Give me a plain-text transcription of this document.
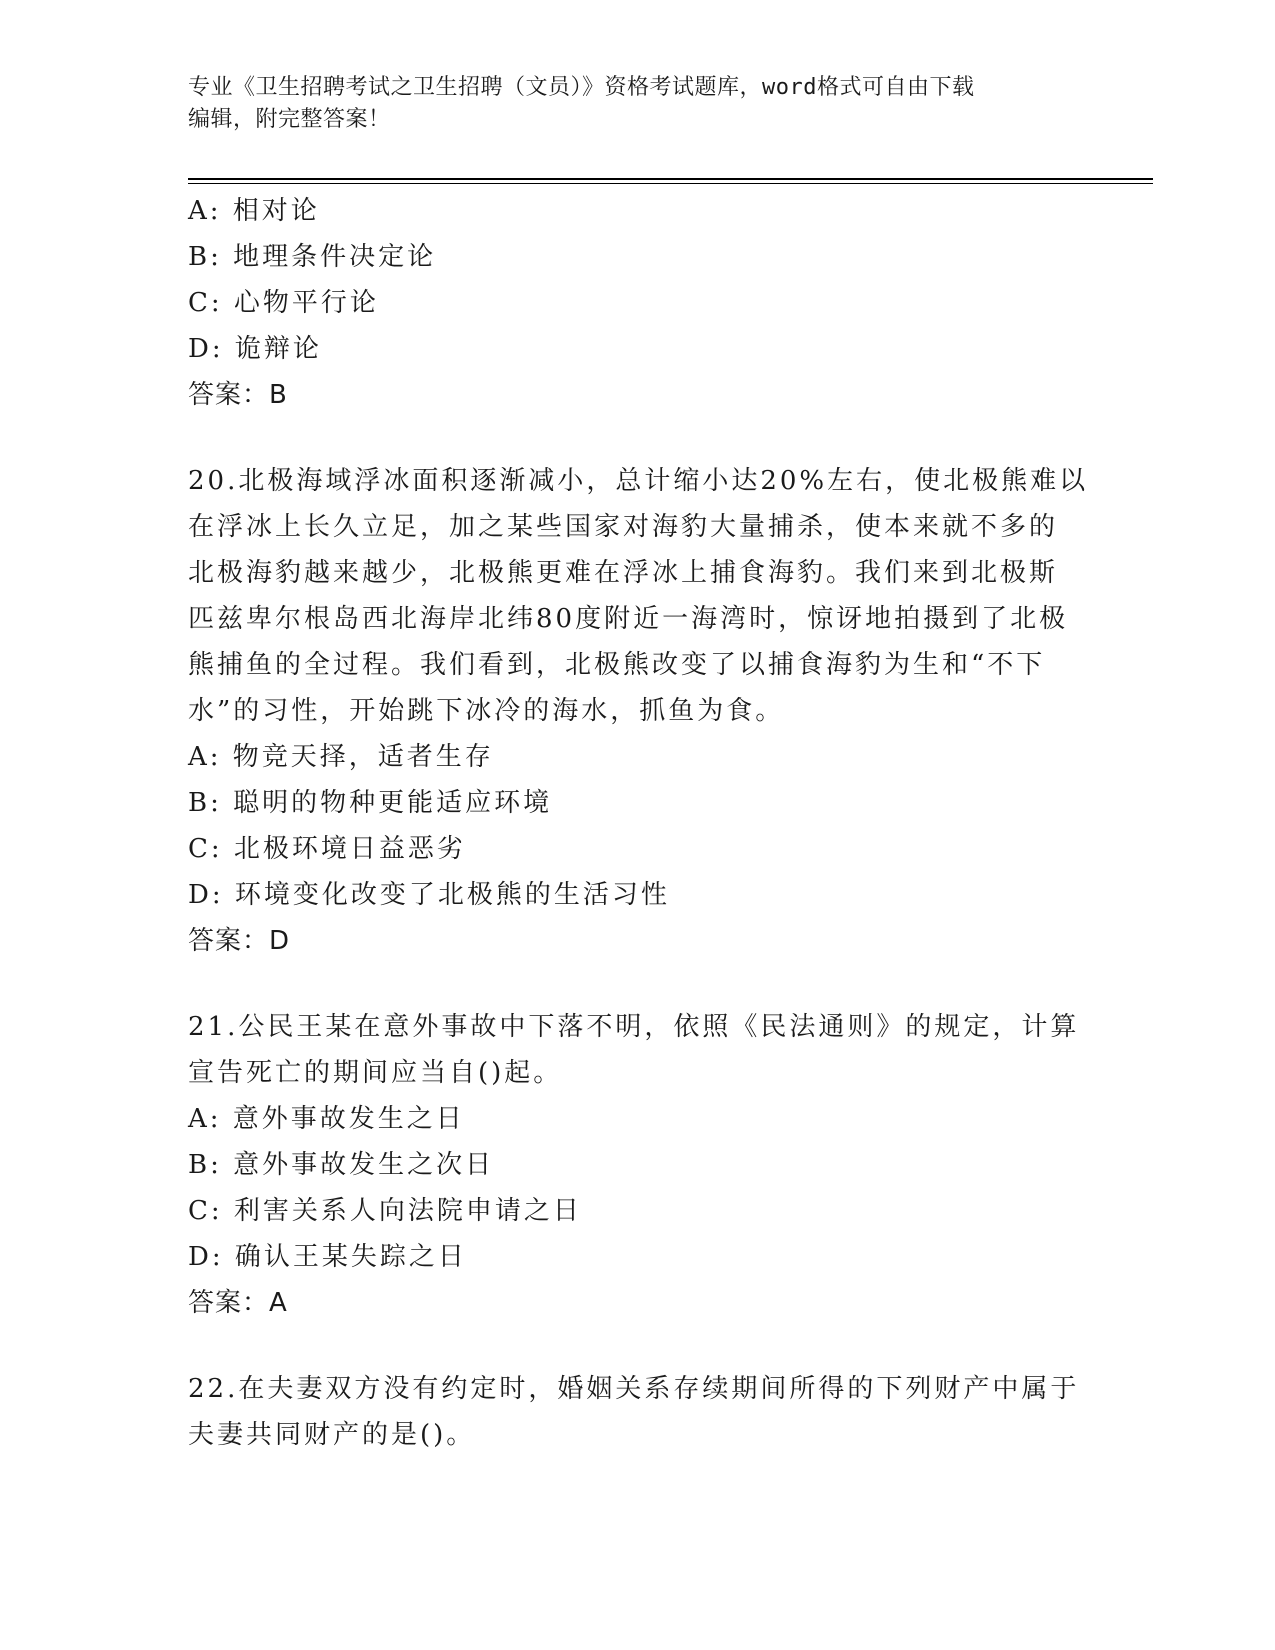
专业《卫生招聘考试之卫生招聘（文员）》资格考试题库，word格式可自由下载
编辑，附完整答案！
A: 相对论
B: 地理条件决定论
C: 心物平行论
D: 诡辩论
答案：B
20.北极海域浮冰面积逐渐减小，总计缩小达20%左右，使北极熊难以
在浮冰上长久立足，加之某些国家对海豹大量捕杀，使本来就不多的
北极海豹越来越少，北极熊更难在浮冰上捕食海豹。我们来到北极斯
匹兹卑尔根岛西北海岸北纬80度附近一海湾时，惊讶地拍摄到了北极
熊捕鱼的全过程。我们看到，北极熊改变了以捕食海豹为生和“不下
水”的习性，开始跳下冰冷的海水，抓鱼为食。
A: 物竞天择，适者生存
B: 聪明的物种更能适应环境
C: 北极环境日益恶劣
D: 环境变化改变了北极熊的生活习性
答案：D
21.公民王某在意外事故中下落不明，依照《民法通则》的规定，计算
宣告死亡的期间应当自()起。
A: 意外事故发生之日
B: 意外事故发生之次日
C: 利害关系人向法院申请之日
D: 确认王某失踪之日
答案：A
22.在夫妻双方没有约定时，婚姻关系存续期间所得的下列财产中属于
夫妻共同财产的是()。
